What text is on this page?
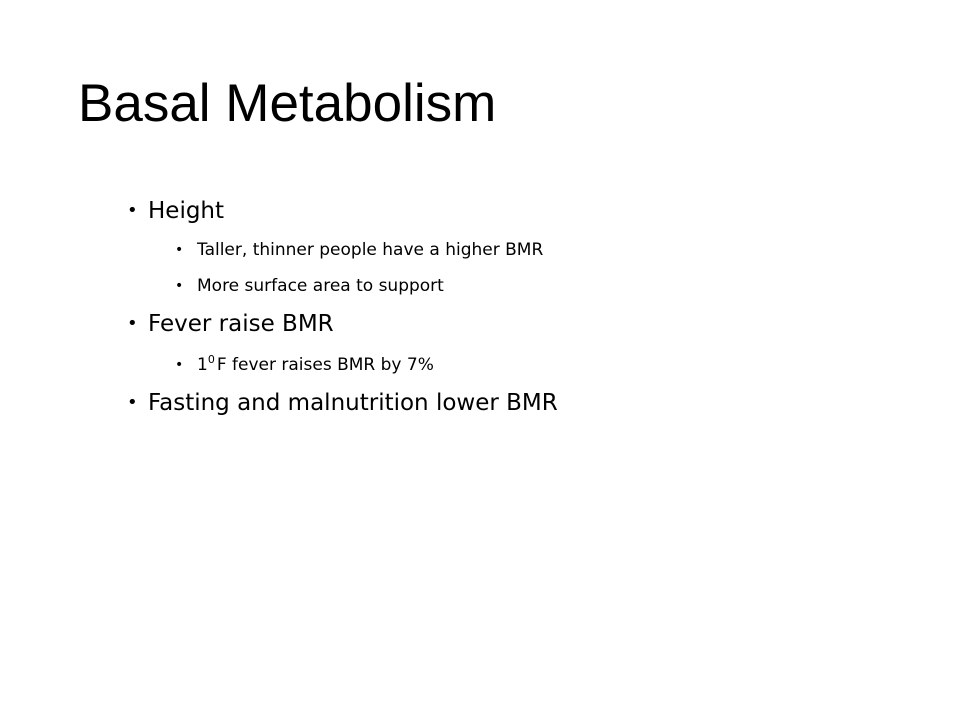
Basal Metabolism
• Height
• Taller, thinner people have a higher BMR
• More surface area to support
• Fever raise BMR
• $1^0$ F fever raises BMR by 7%
• Fasting and malnutrition lower BMR
